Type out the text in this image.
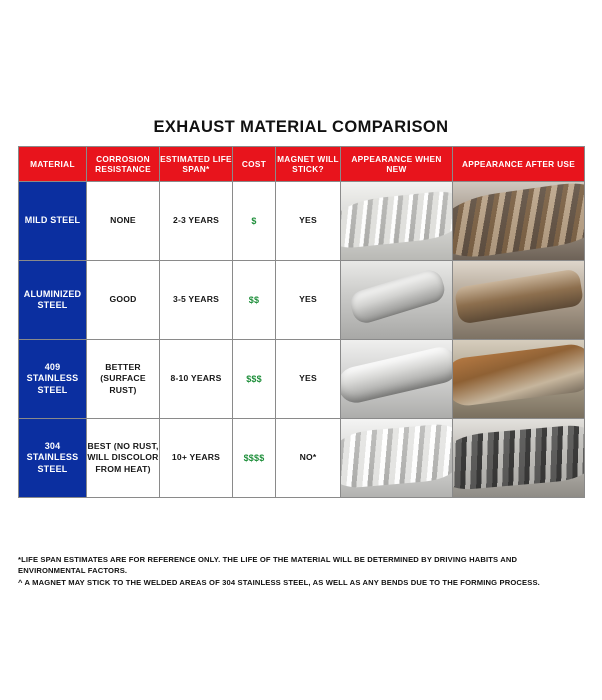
EXHAUST MATERIAL COMPARISON
MATERIAL	CORROSION RESISTANCE	ESTIMATED LIFE SPAN*	COST	MAGNET WILL STICK?	APPEARANCE WHEN NEW	APPEARANCE AFTER USE
MILD STEEL	NONE	2-3 YEARS	$	YES	

ALUMINIZED STEEL	GOOD	3-5 YEARS	$$	YES	

409 STAINLESS STEEL	BETTER (SURFACE RUST)	8-10 YEARS	$$$	YES	

304 STAINLESS STEEL	BEST (NO RUST, WILL DISCOLOR FROM HEAT)	10+ YEARS	$$$$	NO*	

*LIFE SPAN ESTIMATES ARE FOR REFERENCE ONLY. THE LIFE OF THE MATERIAL WILL BE DETERMINED BY DRIVING HABITS AND ENVIRONMENTAL FACTORS.
^ A MAGNET MAY STICK TO THE WELDED AREAS OF 304 STAINLESS STEEL, AS WELL AS ANY BENDS DUE TO THE FORMING PROCESS.
